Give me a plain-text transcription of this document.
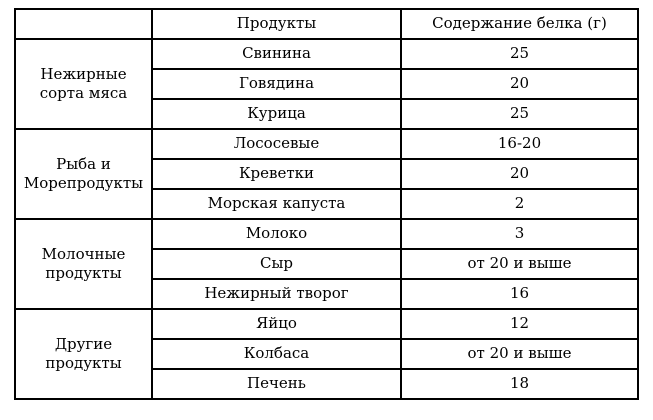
	Продукты	Содержание белка (г)
Нежирные сорта мяса	Свинина	25
	Говядина	20
	Курица	25
Рыба и Морепродукты	Лососевые	16-20
	Креветки	20
	Морская капуста	2
Молочные продукты	Молоко	3
	Сыр	от 20 и выше
	Нежирный творог	16
Другие продукты	Яйцо	12
	Колбаса	от 20 и выше
	Печень	18
